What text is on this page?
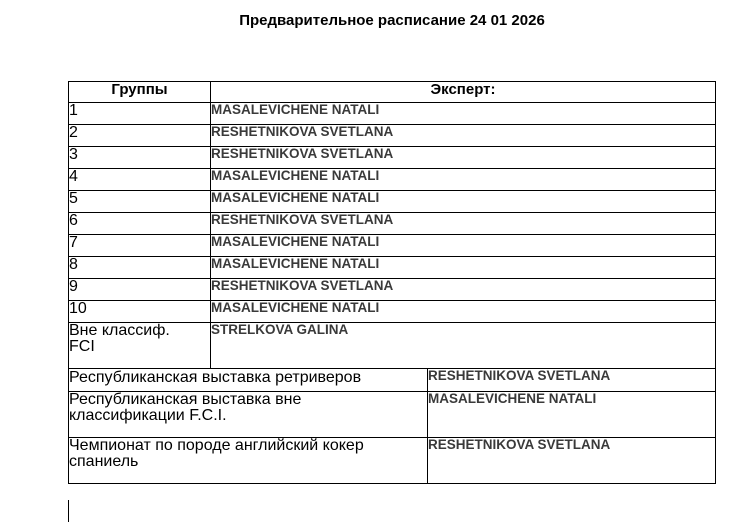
Предварительное расписание 24 01 2026
Группы	Эксперт:	
1	MASALEVICHENE NATALI	
2	RESHETNIKOVA SVETLANA	
3	RESHETNIKOVA SVETLANA	
4	MASALEVICHENE NATALI	
5	MASALEVICHENE NATALI	
6	RESHETNIKOVA SVETLANA	
7	MASALEVICHENE NATALI	
8	MASALEVICHENE NATALI	
9	RESHETNIKOVA SVETLANA	
10	MASALEVICHENE NATALI	
Вне классиф.
FCI	STRELKOVA GALINA	
Республиканская выставка ретриверов		RESHETNIKOVA SVETLANA
Республиканская выставка вне
классификации F.C.I.		MASALEVICHENE NATALI
Чемпионат по породе английский кокер
спаниель		RESHETNIKOVA SVETLANA
